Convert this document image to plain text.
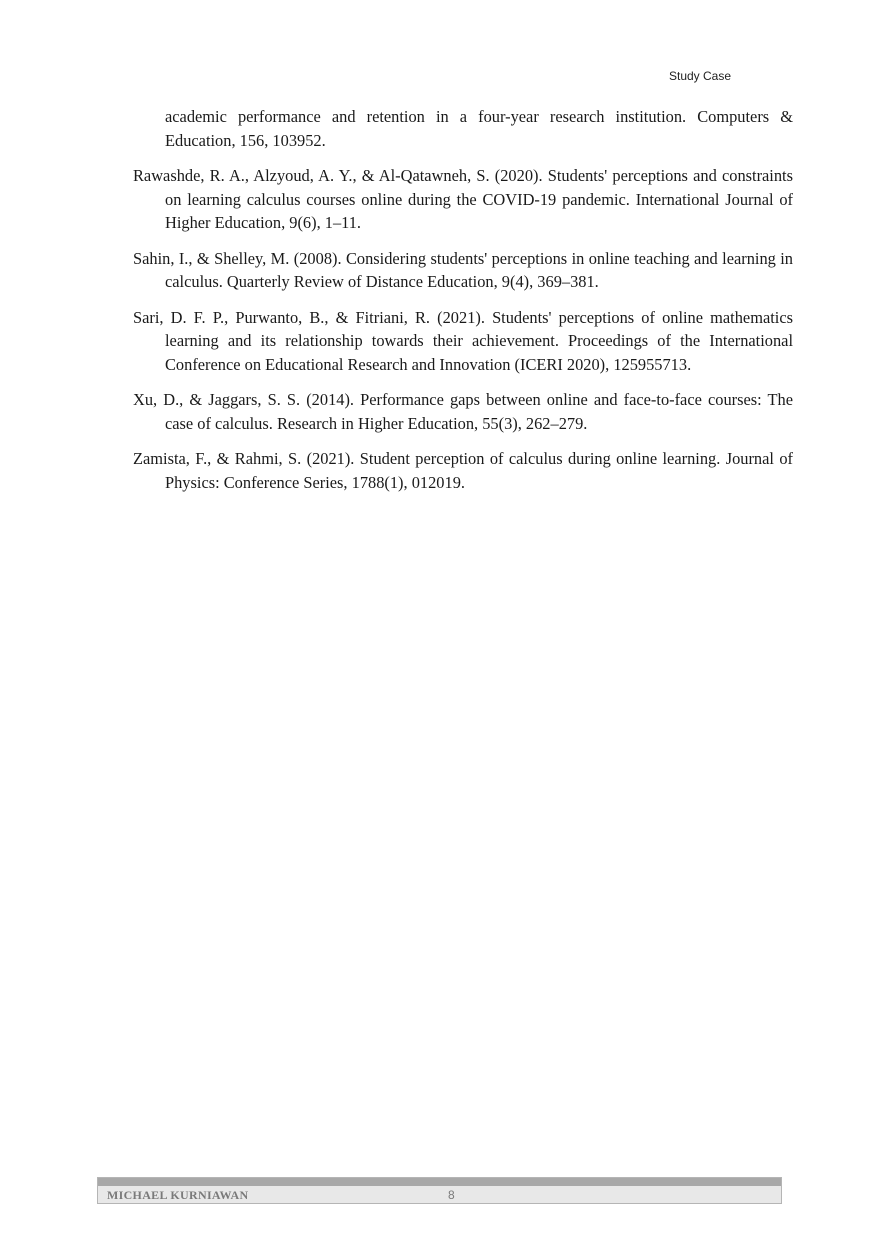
Study Case

academic performance and retention in a four-year research institution. Computers & Education, 156, 103952.

Rawashde, R. A., Alzyoud, A. Y., & Al-Qatawneh, S. (2020). Students' perceptions and constraints on learning calculus courses online during the COVID-19 pandemic. International Journal of Higher Education, 9(6), 1–11.

Sahin, I., & Shelley, M. (2008). Considering students' perceptions in online teaching and learning in calculus. Quarterly Review of Distance Education, 9(4), 369–381.

Sari, D. F. P., Purwanto, B., & Fitriani, R. (2021). Students' perceptions of online mathematics learning and its relationship towards their achievement. Proceedings of the International Conference on Educational Research and Innovation (ICERI 2020), 125955713.

Xu, D., & Jaggars, S. S. (2014). Performance gaps between online and face-to-face courses: The case of calculus. Research in Higher Education, 55(3), 262–279.

Zamista, F., & Rahmi, S. (2021). Student perception of calculus during online learning. Journal of Physics: Conference Series, 1788(1), 012019.

MICHAEL KURNIAWAN	8
